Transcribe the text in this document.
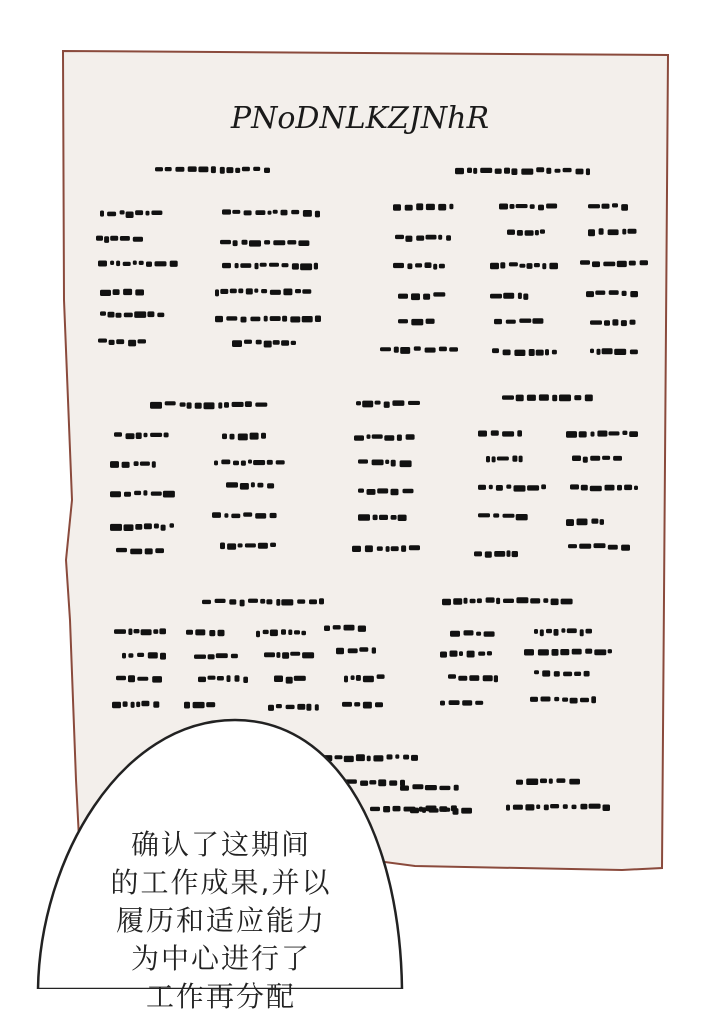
PNoDNLKZJNhR
确认了这期间
的工作成果,并以
履历和适应能力
为中心进行了
工作再分配
